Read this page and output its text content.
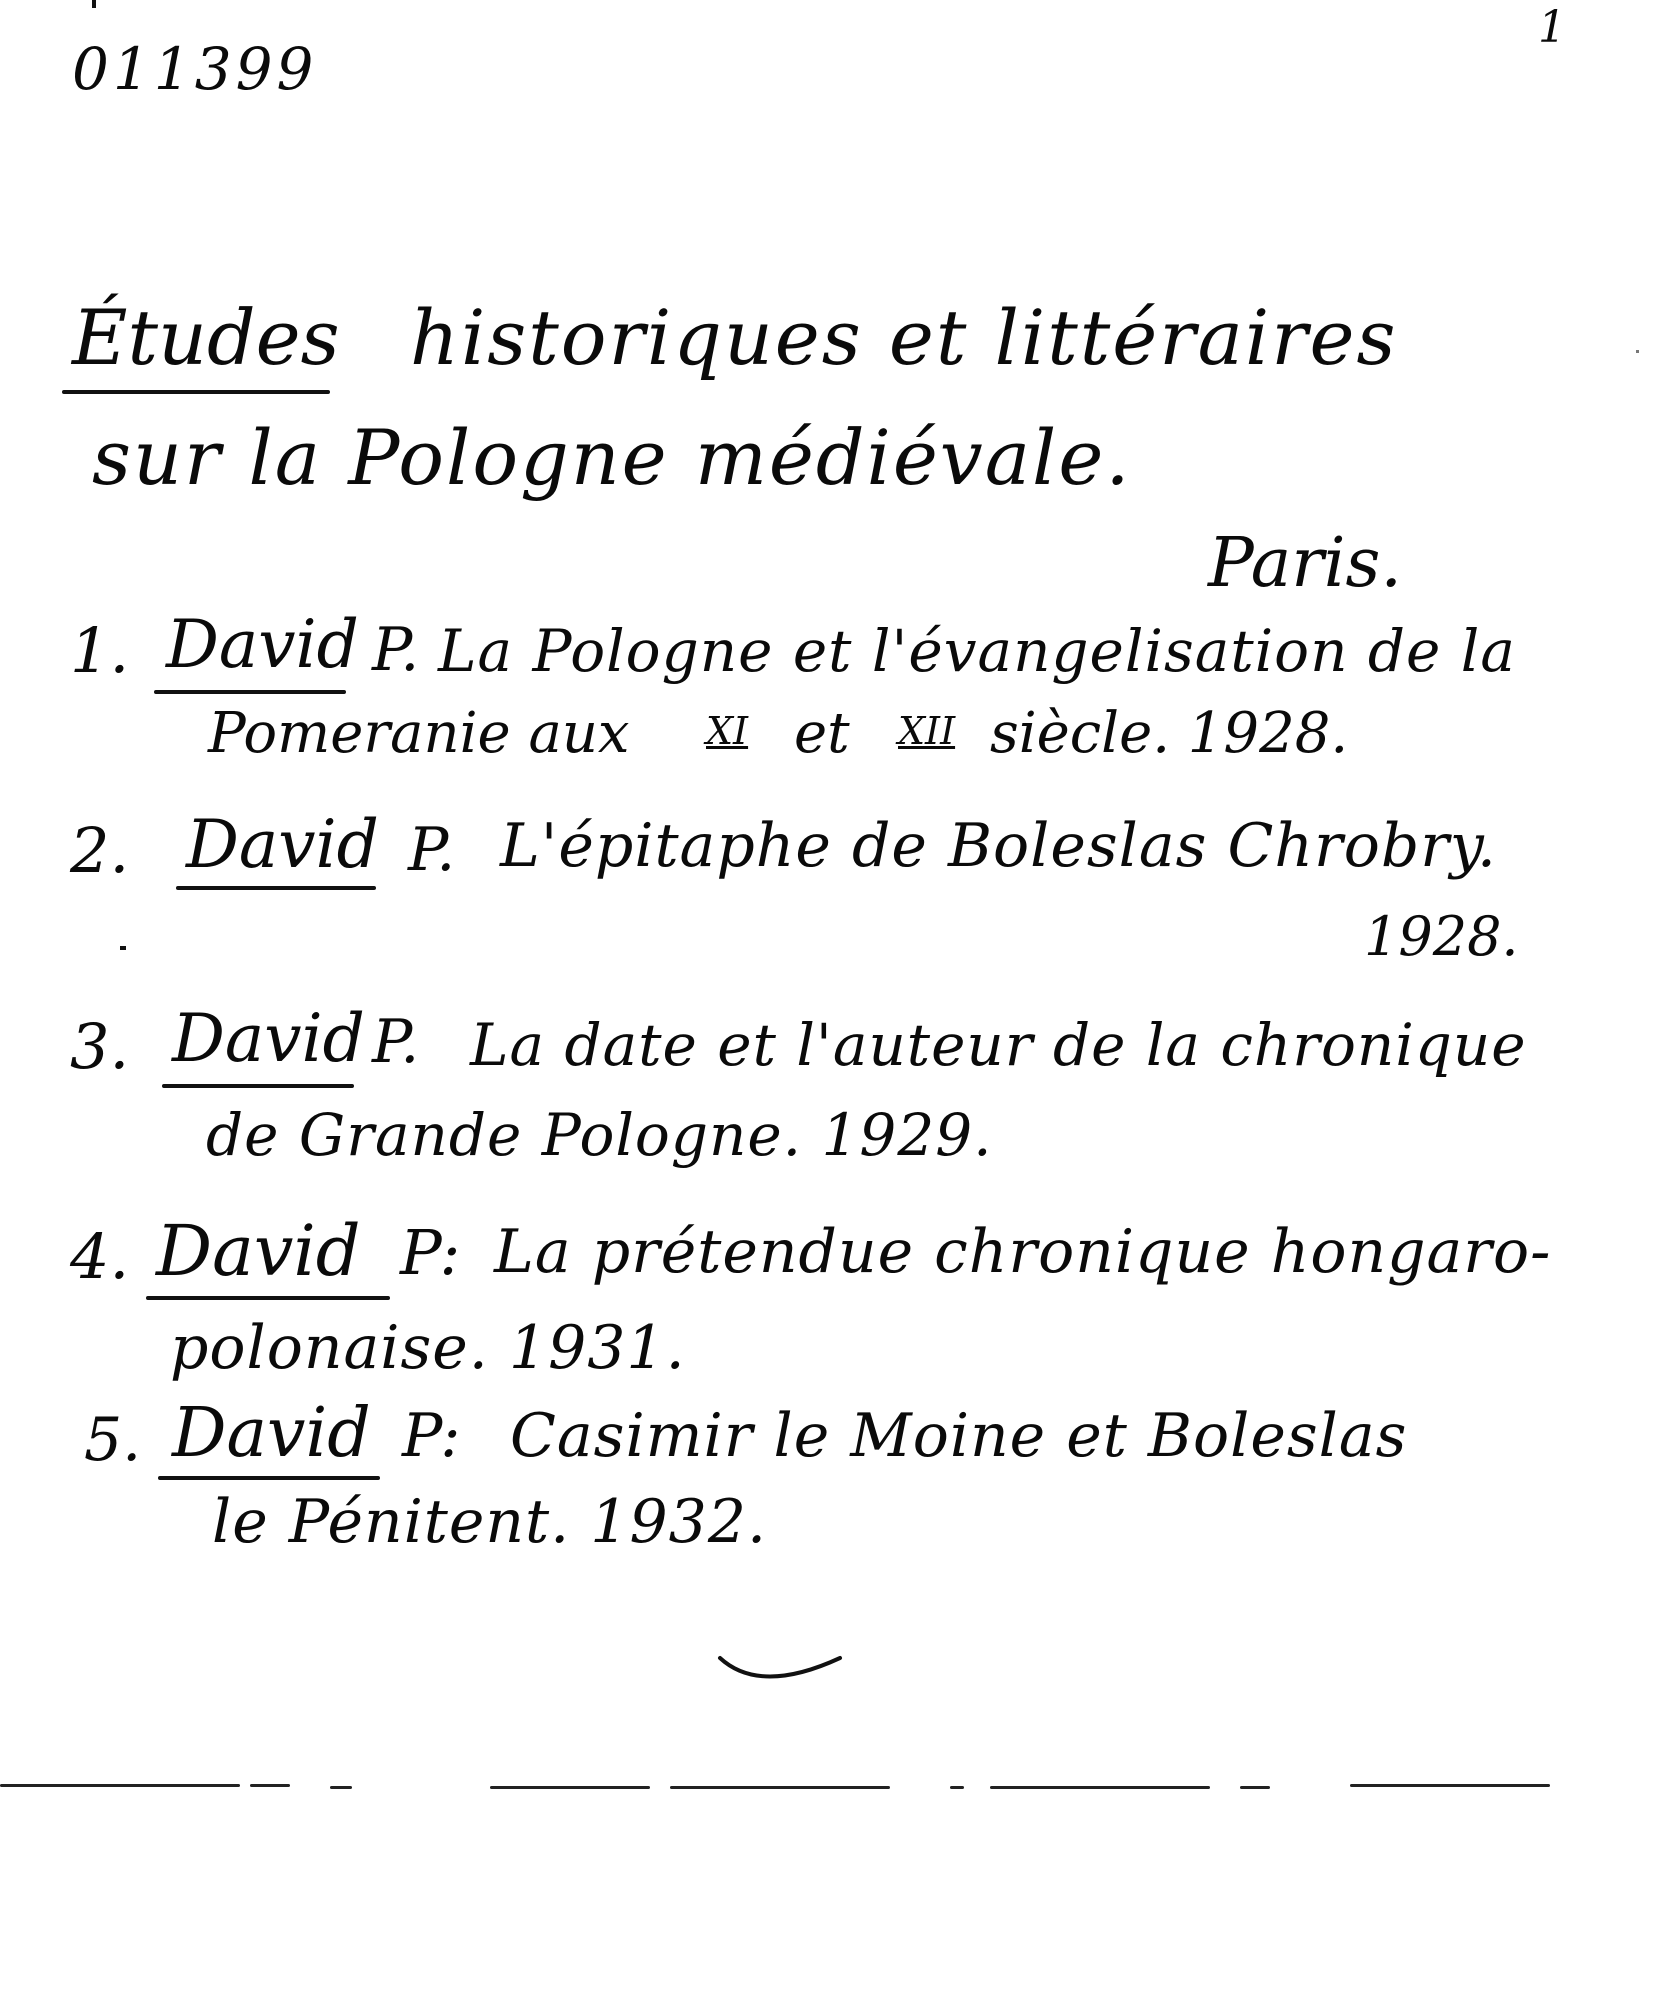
011399
1
Études historiques et littéraires
sur la Pologne médiévale.
Paris.
1. David P. La Pologne et l'évangelisation de la
Pomeranie aux XI et XII siècle. 1928.
2. David P. L'épitaphe de Boleslas Chrobry.
1928.
3. David P. La date et l'auteur de la chronique
de Grande Pologne. 1929.
4. David P: La prétendue chronique hongaro-
polonaise. 1931.
5. David P: Casimir le Moine et Boleslas
le Pénitent. 1932.
